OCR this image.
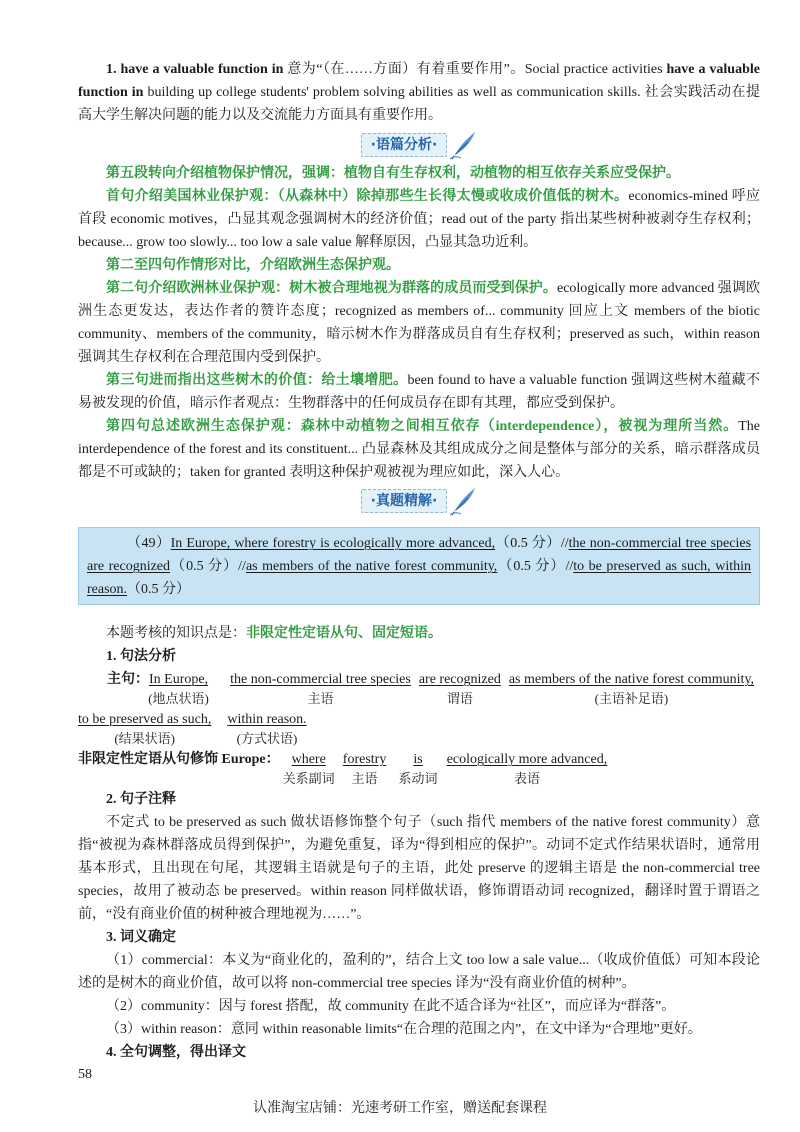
1. have a valuable function in 意为“（在……方面）有着重要作用”。Social practice activities have a valuable function in building up college students' problem solving abilities as well as communication skills. 社会实践活动在提高大学生解决问题的能力以及交流能力方面具有重要作用。

·语篇分析·

第五段转向介绍植物保护情况，强调：植物自有生存权利，动植物的相互依存关系应受保护。

首句介绍美国林业保护观：（从森林中）除掉那些生长得太慢或收成价值低的树木。economics-mined 呼应首段 economic motives，凸显其观念强调树木的经济价值；read out of the party 指出某些树种被剥夺生存权利；because... grow too slowly... too low a sale value 解释原因，凸显其急功近利。

第二至四句作情形对比，介绍欧洲生态保护观。

第二句介绍欧洲林业保护观：树木被合理地视为群落的成员而受到保护。ecologically more advanced 强调欧洲生态更发达，表达作者的赞许态度；recognized as members of... community 回应上文 members of the biotic community、members of the community，暗示树木作为群落成员自有生存权利；preserved as such，within reason 强调其生存权利在合理范围内受到保护。

第三句进而指出这些树木的价值：给土壤增肥。been found to have a valuable function 强调这些树木蕴藏不易被发现的价值，暗示作者观点：生物群落中的任何成员存在即有其理，都应受到保护。

第四句总述欧洲生态保护观：森林中动植物之间相互依存（interdependence），被视为理所当然。The interdependence of the forest and its constituent... 凸显森林及其组成成分之间是整体与部分的关系，暗示群落成员都是不可或缺的；taken for granted 表明这种保护观被视为理应如此，深入人心。

·真题精解·

（49）In Europe, where forestry is ecologically more advanced,（0.5 分）//the non-commercial tree species are recognized（0.5 分）//as members of the native forest community,（0.5 分）//to be preserved as such, within reason.（0.5 分）

本题考核的知识点是：非限定性定语从句、固定短语。

1. 句法分析

主句： In Europe,
(地点状语)
the non-commercial tree species
主语
are recognized
谓语
as members of the native forest community,
(主语补足语)
to be preserved as such,
(结果状语)
within reason.
(方式状语)
非限定性定语从句修饰 Europe： where
关系副词
forestry
主语
is
系动词
ecologically more advanced,
表语

2. 句子注释

不定式 to be preserved as such 做状语修饰整个句子（such 指代 members of the native forest community）意指“被视为森林群落成员得到保护”，为避免重复，译为“得到相应的保护”。动词不定式作结果状语时，通常用基本形式，且出现在句尾，其逻辑主语就是句子的主语，此处 preserve 的逻辑主语是 the non-commercial tree species，故用了被动态 be preserved。within reason 同样做状语，修饰谓语动词 recognized，翻译时置于谓语之前，“没有商业价值的树种被合理地视为……”。

3. 词义确定

（1）commercial：本义为“商业化的，盈利的”，结合上文 too low a sale value...（收成价值低）可知本段论述的是树木的商业价值，故可以将 non-commercial tree species 译为“没有商业价值的树种”。

（2）community：因与 forest 搭配，故 community 在此不适合译为“社区”，而应译为“群落”。

（3）within reason：意同 within reasonable limits“在合理的范围之内”，在文中译为“合理地”更好。

4. 全句调整，得出译文

58
认准淘宝店铺：光速考研工作室，赠送配套课程
